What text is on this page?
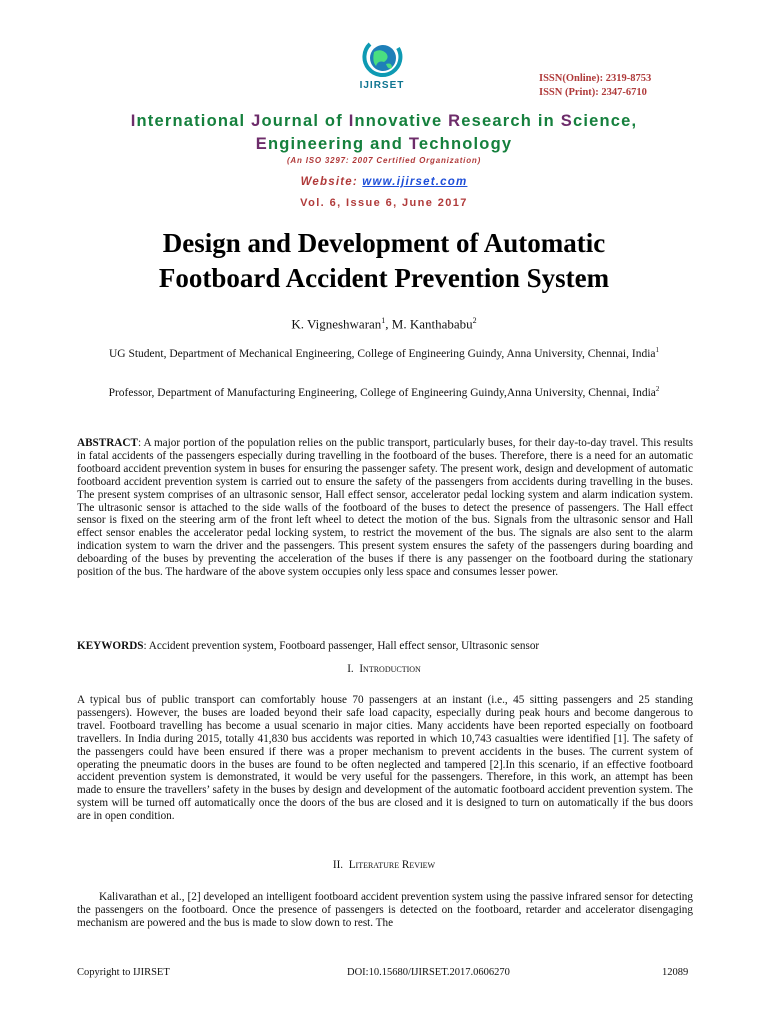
IJIRSET
ISSN(Online): 2319-8753
ISSN (Print): 2347-6710
International Journal of Innovative Research in Science,
Engineering and Technology
(An ISO 3297: 2007 Certified Organization)
Website: www.ijirset.com
Vol. 6, Issue 6, June 2017
Design and Development of Automatic
Footboard Accident Prevention System
K. Vigneshwaran$^1$, M. Kanthababu$^2$
UG Student, Department of Mechanical Engineering, College of Engineering Guindy, Anna University, Chennai, India$^1$
Professor, Department of Manufacturing Engineering, College of Engineering Guindy,Anna University, Chennai, India$^2$
ABSTRACT: A major portion of the population relies on the public transport, particularly buses, for their day-to-day travel. This results in fatal accidents of the passengers especially during travelling in the footboard of the buses. Therefore, there is a need for an automatic footboard accident prevention system in buses for ensuring the passenger safety. The present work, design and development of automatic footboard accident prevention system is carried out to ensure the safety of the passengers from accidents during travelling in the buses. The present system comprises of an ultrasonic sensor, Hall effect sensor, accelerator pedal locking system and alarm indication system. The ultrasonic sensor is attached to the side walls of the footboard of the buses to detect the presence of passengers. The Hall effect sensor is fixed on the steering arm of the front left wheel to detect the motion of the bus. Signals from the ultrasonic sensor and Hall effect sensor enables the accelerator pedal locking system, to restrict the movement of the bus. The signals are also sent to the alarm indication system to warn the driver and the passengers. This present system ensures the safety of the passengers during boarding and deboarding of the buses by preventing the acceleration of the buses if there is any passenger on the footboard during the stationary position of the bus. The hardware of the above system occupies only less space and consumes lesser power.
KEYWORDS: Accident prevention system, Footboard passenger, Hall effect sensor, Ultrasonic sensor
I. Introduction
A typical bus of public transport can comfortably house 70 passengers at an instant (i.e., 45 sitting passengers and 25 standing passengers). However, the buses are loaded beyond their safe load capacity, especially during peak hours and become dangerous to travel. Footboard travelling has become a usual scenario in major cities. Many accidents have been reported especially on footboard travellers. In India during 2015, totally 41,830 bus accidents was reported in which 10,743 casualties were identified [1]. The safety of the passengers could have been ensured if there was a proper mechanism to prevent accidents in the buses. The current system of operating the pneumatic doors in the buses are found to be often neglected and tampered [2].In this scenario, if an effective footboard accident prevention system is demonstrated, it would be very useful for the passengers. Therefore, in this work, an attempt has been made to ensure the travellers’ safety in the buses by design and development of the automatic footboard accident prevention system. The system will be turned off automatically once the doors of the bus are closed and it is designed to turn on automatically if the bus doors are in open condition.
II. Literature Review

Kalivarathan et al., [2] developed an intelligent footboard accident prevention system using the passive infrared sensor for detecting the passengers on the footboard. Once the presence of passengers is detected on the footboard, retarder and accelerator disengaging mechanism are powered and the bus is made to slow down to rest. The

Copyright to IJIRSET	DOI:10.15680/IJIRSET.2017.0606270	12089
